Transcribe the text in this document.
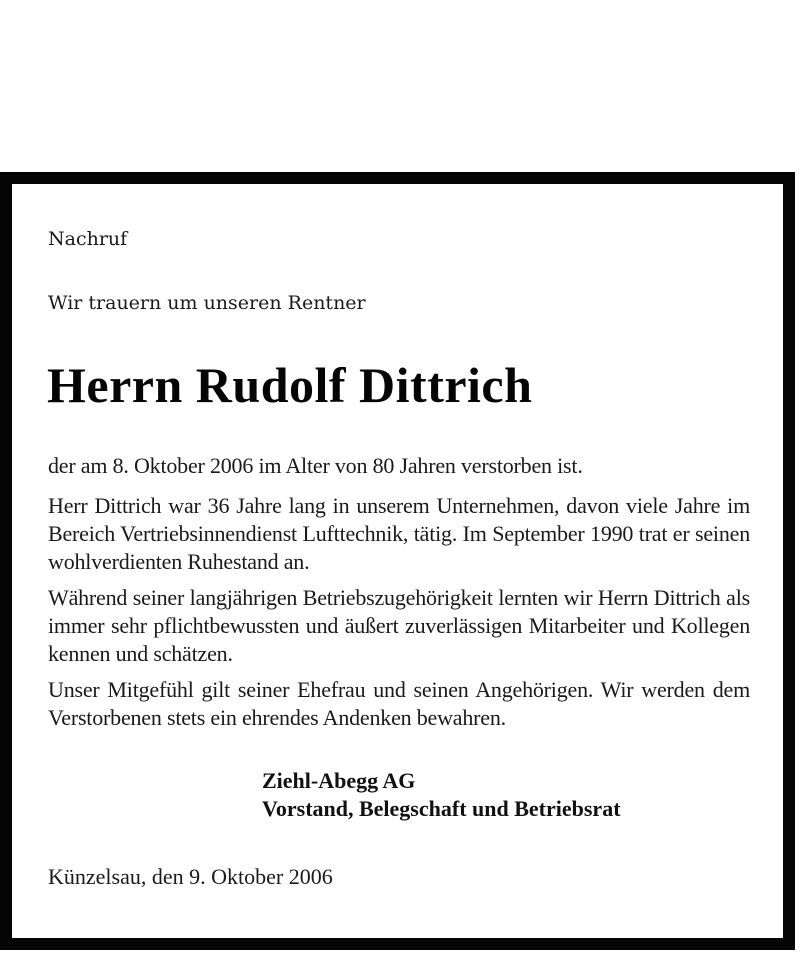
Nachruf
Wir trauern um unseren Rentner
Herrn Rudolf Dittrich
der am 8. Oktober 2006 im Alter von 80 Jahren verstorben ist.
Herr Dittrich war 36 Jahre lang in unserem Unternehmen, davon viele Jahre im Bereich Vertriebsinnendienst Lufttechnik, tätig. Im September 1990 trat er seinen wohlverdienten Ruhestand an.
Während seiner langjährigen Betriebszugehörigkeit lernten wir Herrn Dittrich als immer sehr pflichtbewussten und äußert zuverlässigen Mitarbeiter und Kollegen kennen und schätzen.
Unser Mitgefühl gilt seiner Ehefrau und seinen Angehörigen. Wir werden dem Verstorbenen stets ein ehrendes Andenken bewahren.
Ziehl-Abegg AG
Vorstand, Belegschaft und Betriebsrat
Künzelsau, den 9. Oktober 2006
